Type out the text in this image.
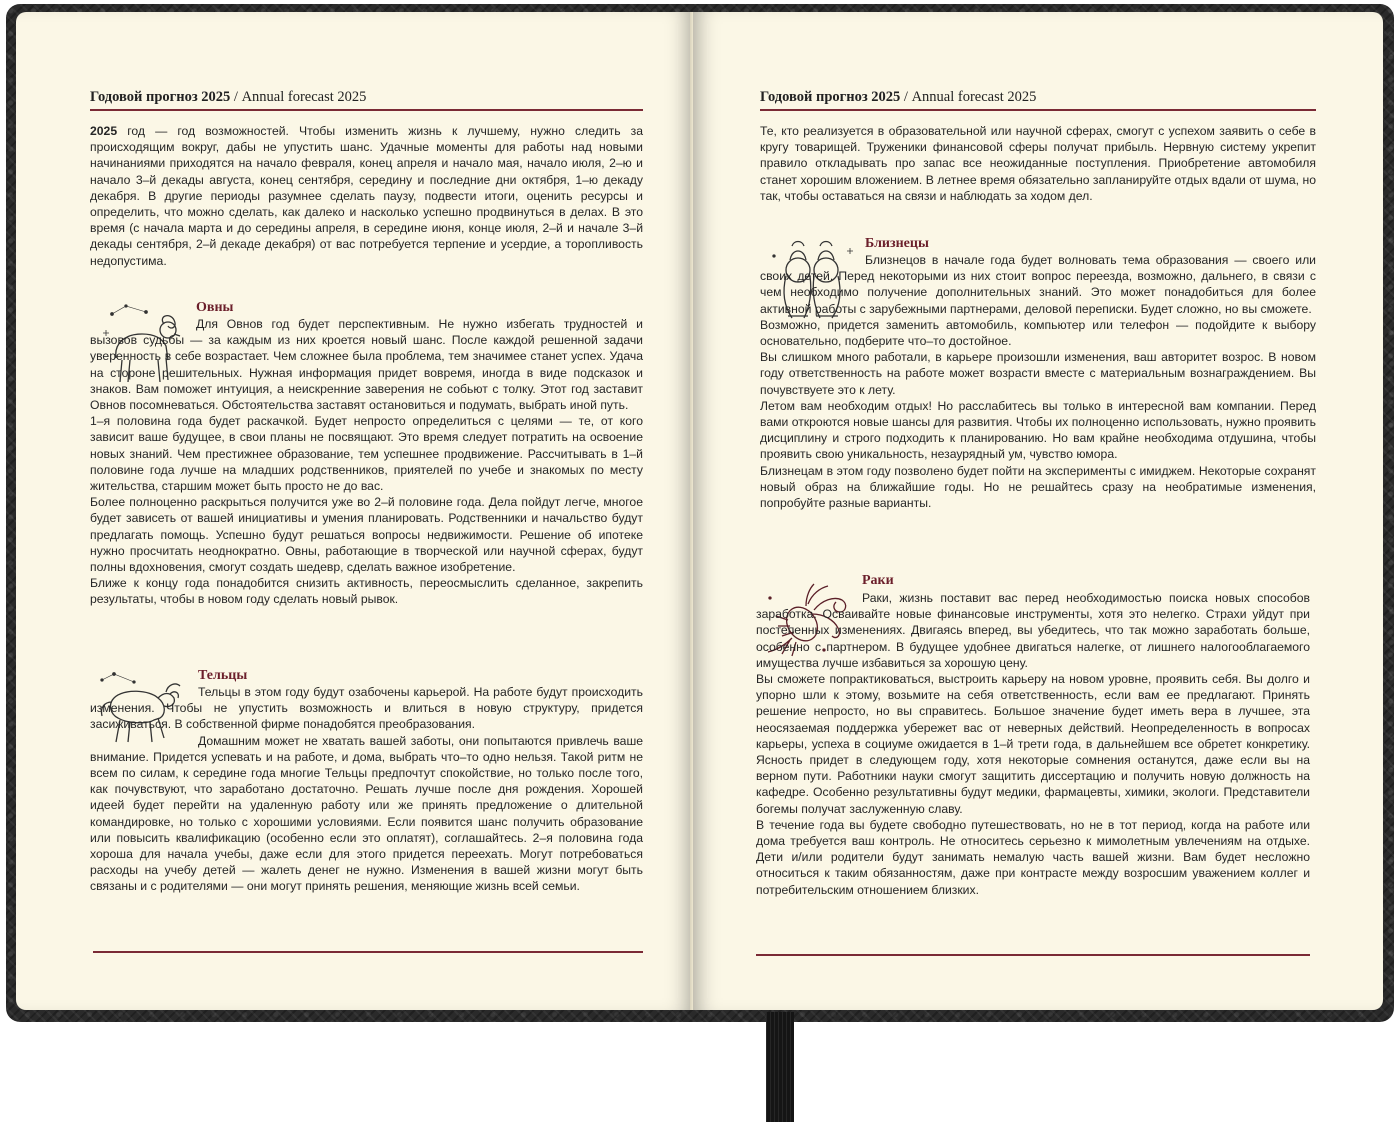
Годовой прогноз 2025 / Annual forecast 2025

2025 год — год возможностей. Чтобы изменить жизнь к лучшему, нужно следить за происходящим вокруг, дабы не упустить шанс. Удачные моменты для работы над новыми начинаниями приходятся на начало февраля, конец апреля и начало мая, начало июля, 2–ю и начало 3–й декады августа, конец сентября, середину и последние дни октября, 1–ю декаду декабря. В другие периоды разумнее сделать паузу, подвести итоги, оценить ресурсы и определить, что можно сделать, как далеко и насколько успешно продвинуться в делах. В это время (с начала марта и до середины апреля, в середине июня, конце июля, 2–й и начале 3–й декады сентября, 2–й декаде декабря) от вас потребуется терпение и усердие, а торопливость недопустима.

Овны

Для Овнов год будет перспективным. Не нужно избегать трудностей и вызовов судьбы — за каждым из них кроется новый шанс. После каждой решенной задачи уверенность в себе возрастает. Чем сложнее была проблема, тем значимее станет успех. Удача на стороне решительных. Нужная информация придет вовремя, иногда в виде подсказок и знаков. Вам поможет интуиция, а неискренние заверения не собьют с толку. Этот год заставит Овнов посомневаться. Обстоятельства заставят остановиться и подумать, выбрать иной путь.

1–я половина года будет раскачкой. Будет непросто определиться с целями — те, от кого зависит ваше будущее, в свои планы не посвящают. Это время следует потратить на освоение новых знаний. Чем престижнее образование, тем успешнее продвижение. Рассчитывать в 1–й половине года лучше на младших родственников, приятелей по учебе и знакомых по месту жительства, старшим может быть просто не до вас.

Более полноценно раскрыться получится уже во 2–й половине года. Дела пойдут легче, многое будет зависеть от вашей инициативы и умения планировать. Родственники и начальство будут предлагать помощь. Успешно будут решаться вопросы недвижимости. Решение об ипотеке нужно просчитать неоднократно. Овны, работающие в творческой или научной сферах, будут полны вдохновения, смогут создать шедевр, сделать важное изобретение.

Ближе к концу года понадобится снизить активность, переосмыслить сделанное, закрепить результаты, чтобы в новом году сделать новый рывок.

Тельцы

Тельцы в этом году будут озабочены карьерой. На работе будут происходить изменения. Чтобы не упустить возможность и влиться в новую структуру, придется засиживаться. В собственной фирме понадобятся преобразования.

Домашним может не хватать вашей заботы, они попытаются привлечь ваше внимание. Придется успевать и на работе, и дома, выбрать что–то одно нельзя. Такой ритм не всем по силам, к середине года многие Тельцы предпочтут спокойствие, но только после того, как почувствуют, что заработано достаточно. Решать лучше после дня рождения. Хорошей идеей будет перейти на удаленную работу или же принять предложение о длительной командировке, но только с хорошими условиями. Если появится шанс получить образование или повысить квалификацию (особенно если это оплатят), соглашайтесь. 2–я половина года хороша для начала учебы, даже если для этого придется переехать. Могут потребоваться расходы на учебу детей — жалеть денег не нужно. Изменения в вашей жизни могут быть связаны и с родителями — они могут принять решения, меняющие жизнь всей семьи.

Годовой прогноз 2025 / Annual forecast 2025

Те, кто реализуется в образовательной или научной сферах, смогут с успехом заявить о себе в кругу товарищей. Труженики финансовой сферы получат прибыль. Нервную систему укрепит правило откладывать про запас все неожиданные поступления. Приобретение автомобиля станет хорошим вложением. В летнее время обязательно запланируйте отдых вдали от шума, но так, чтобы оставаться на связи и наблюдать за ходом дел.

Близнецы

Близнецов в начале года будет волновать тема образования — своего или своих детей. Перед некоторыми из них стоит вопрос переезда, возможно, дальнего, в связи с чем необходимо получение дополнительных знаний. Это может понадобиться для более активной работы с зарубежными партнерами, деловой переписки. Будет сложно, но вы сможете.

Возможно, придется заменить автомобиль, компьютер или телефон — подойдите к выбору основательно, подберите что–то достойное.

Вы слишком много работали, в карьере произошли изменения, ваш авторитет возрос. В новом году ответственность на работе может возрасти вместе с материальным вознаграждением. Вы почувствуете это к лету.

Летом вам необходим отдых! Но расслабитесь вы только в интересной вам компании. Перед вами откроются новые шансы для развития. Чтобы их полноценно использовать, нужно проявить дисциплину и строго подходить к планированию. Но вам крайне необходима отдушина, чтобы проявить свою уникальность, незаурядный ум, чувство юмора.

Близнецам в этом году позволено будет пойти на эксперименты с имиджем. Некоторые сохранят новый образ на ближайшие годы. Но не решайтесь сразу на необратимые изменения, попробуйте разные варианты.

Раки

Раки, жизнь поставит вас перед необходимостью поиска новых способов заработка. Осваивайте новые финансовые инструменты, хотя это нелегко. Страхи уйдут при постепенных изменениях. Двигаясь вперед, вы убедитесь, что так можно заработать больше, особенно с партнером. В будущее удобнее двигаться налегке, от лишнего налогооблагаемого имущества лучше избавиться за хорошую цену.

Вы сможете попрактиковаться, выстроить карьеру на новом уровне, проявить себя. Вы долго и упорно шли к этому, возьмите на себя ответственность, если вам ее предлагают. Принять решение непросто, но вы справитесь. Большое значение будет иметь вера в лучшее, эта неосязаемая поддержка убережет вас от неверных действий. Неопределенность в вопросах карьеры, успеха в социуме ожидается в 1–й трети года, в дальнейшем все обретет конкретику. Ясность придет в следующем году, хотя некоторые сомнения останутся, даже если вы на верном пути. Работники науки смогут защитить диссертацию и получить новую должность на кафедре. Особенно результативны будут медики, фармацевты, химики, экологи. Представители богемы получат заслуженную славу.

В течение года вы будете свободно путешествовать, но не в тот период, когда на работе или дома требуется ваш контроль. Не относитесь серьезно к мимолетным увлечениям на отдыхе. Дети и/или родители будут занимать немалую часть вашей жизни. Вам будет несложно относиться к таким обязанностям, даже при контрасте между возросшим уважением коллег и потребительским отношением близких.
